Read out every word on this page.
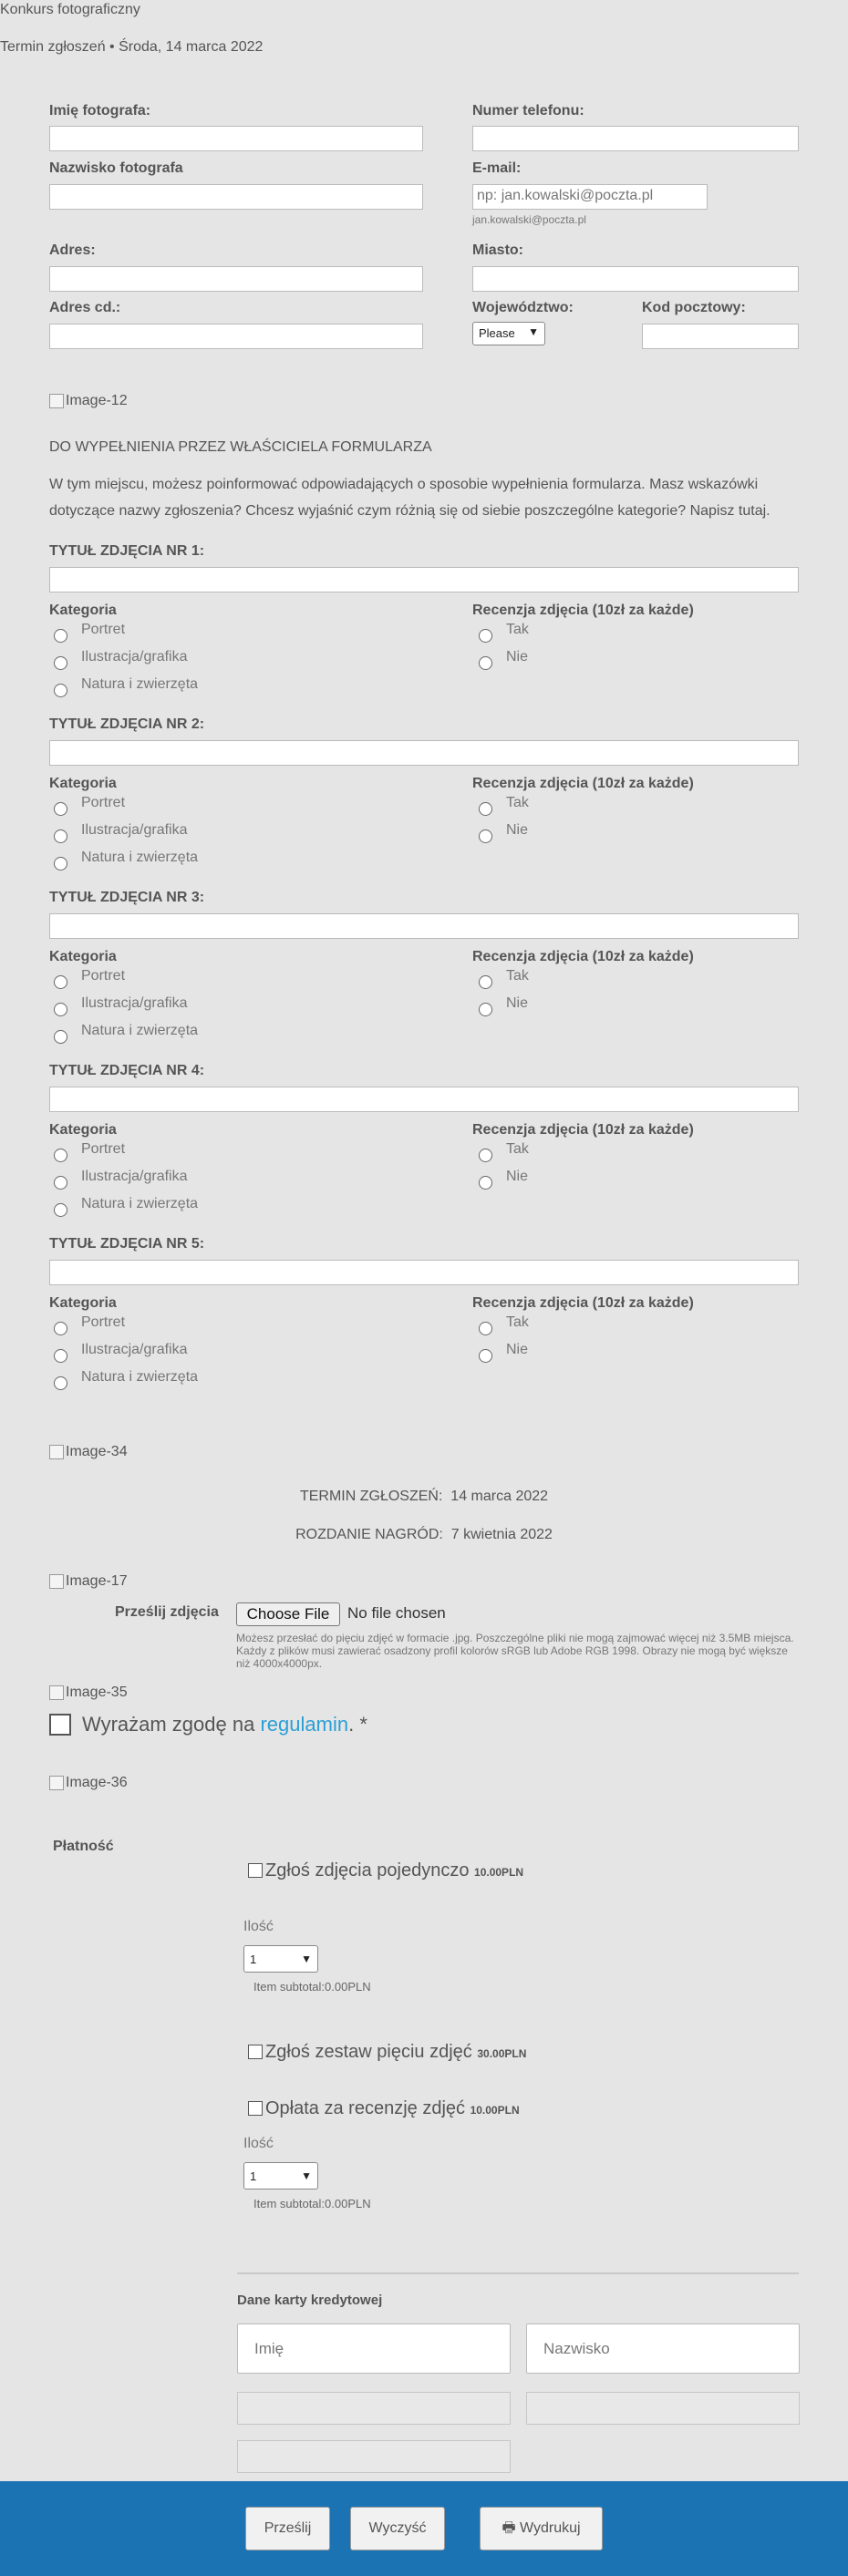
Konkurs fotograficzny
Termin zgłoszeń • Środa, 14 marca 2022
Imię fotografa:	Numer telefonu:
Nazwisko fotografa	E-mail:
np: jan.kowalski@poczta.pl
jan.kowalski@poczta.pl
Adres:	Miasto:
Adres cd.:	Województwo:
Please ▼
Kod pocztowy:
Image-12
DO WYPEŁNIENIA PRZEZ WŁAŚCICIELA FORMULARZA
W tym miejscu, możesz poinformować odpowiadających o sposobie wypełnienia formularza. Masz wskazówki dotyczące nazwy zgłoszenia? Chcesz wyjaśnić czym różnią się od siebie poszczególne kategorie? Napisz tutaj.
TYTUŁ ZDJĘCIA NR 1:
Kategoria	Recenzja zdjęcia (10zł za każde)
Portret
Ilustracja/grafika
Natura i zwierzęta
Tak
Nie
TYTUŁ ZDJĘCIA NR 2:
Kategoria	Recenzja zdjęcia (10zł za każde)
Portret
Ilustracja/grafika
Natura i zwierzęta
Tak
Nie
TYTUŁ ZDJĘCIA NR 3:
Kategoria	Recenzja zdjęcia (10zł za każde)
Portret
Ilustracja/grafika
Natura i zwierzęta
Tak
Nie
TYTUŁ ZDJĘCIA NR 4:
Kategoria	Recenzja zdjęcia (10zł za każde)
Portret
Ilustracja/grafika
Natura i zwierzęta
Tak
Nie
TYTUŁ ZDJĘCIA NR 5:
Kategoria	Recenzja zdjęcia (10zł za każde)
Portret
Ilustracja/grafika
Natura i zwierzęta
Tak
Nie
Image-34
TERMIN ZGŁOSZEŃ: 14 marca 2022
ROZDANIE NAGRÓD: 7 kwietnia 2022
Image-17
Prześlij zdjęcia	Choose File	No file chosen
Możesz przesłać do pięciu zdjęć w formacie .jpg. Poszczególne pliki nie mogą zajmować więcej niż 3.5MB miejsca. Każdy z plików musi zawierać osadzony profil kolorów sRGB lub Adobe RGB 1998. Obrazy nie mogą być większe niż 4000x4000px.
Image-35
Wyrażam zgodę na regulamin. *
Image-36
Płatność
Zgłoś zdjęcia pojedynczo 10.00PLN
Ilość
1	▼
Item subtotal:0.00PLN
Zgłoś zestaw pięciu zdjęć 30.00PLN
Opłata za recenzję zdjęć 10.00PLN
Ilość
1	▼
Item subtotal:0.00PLN
Dane karty kredytowej
Imię	Nazwisko
Prześlij	Wyczyść	🖶 Wydrukuj
